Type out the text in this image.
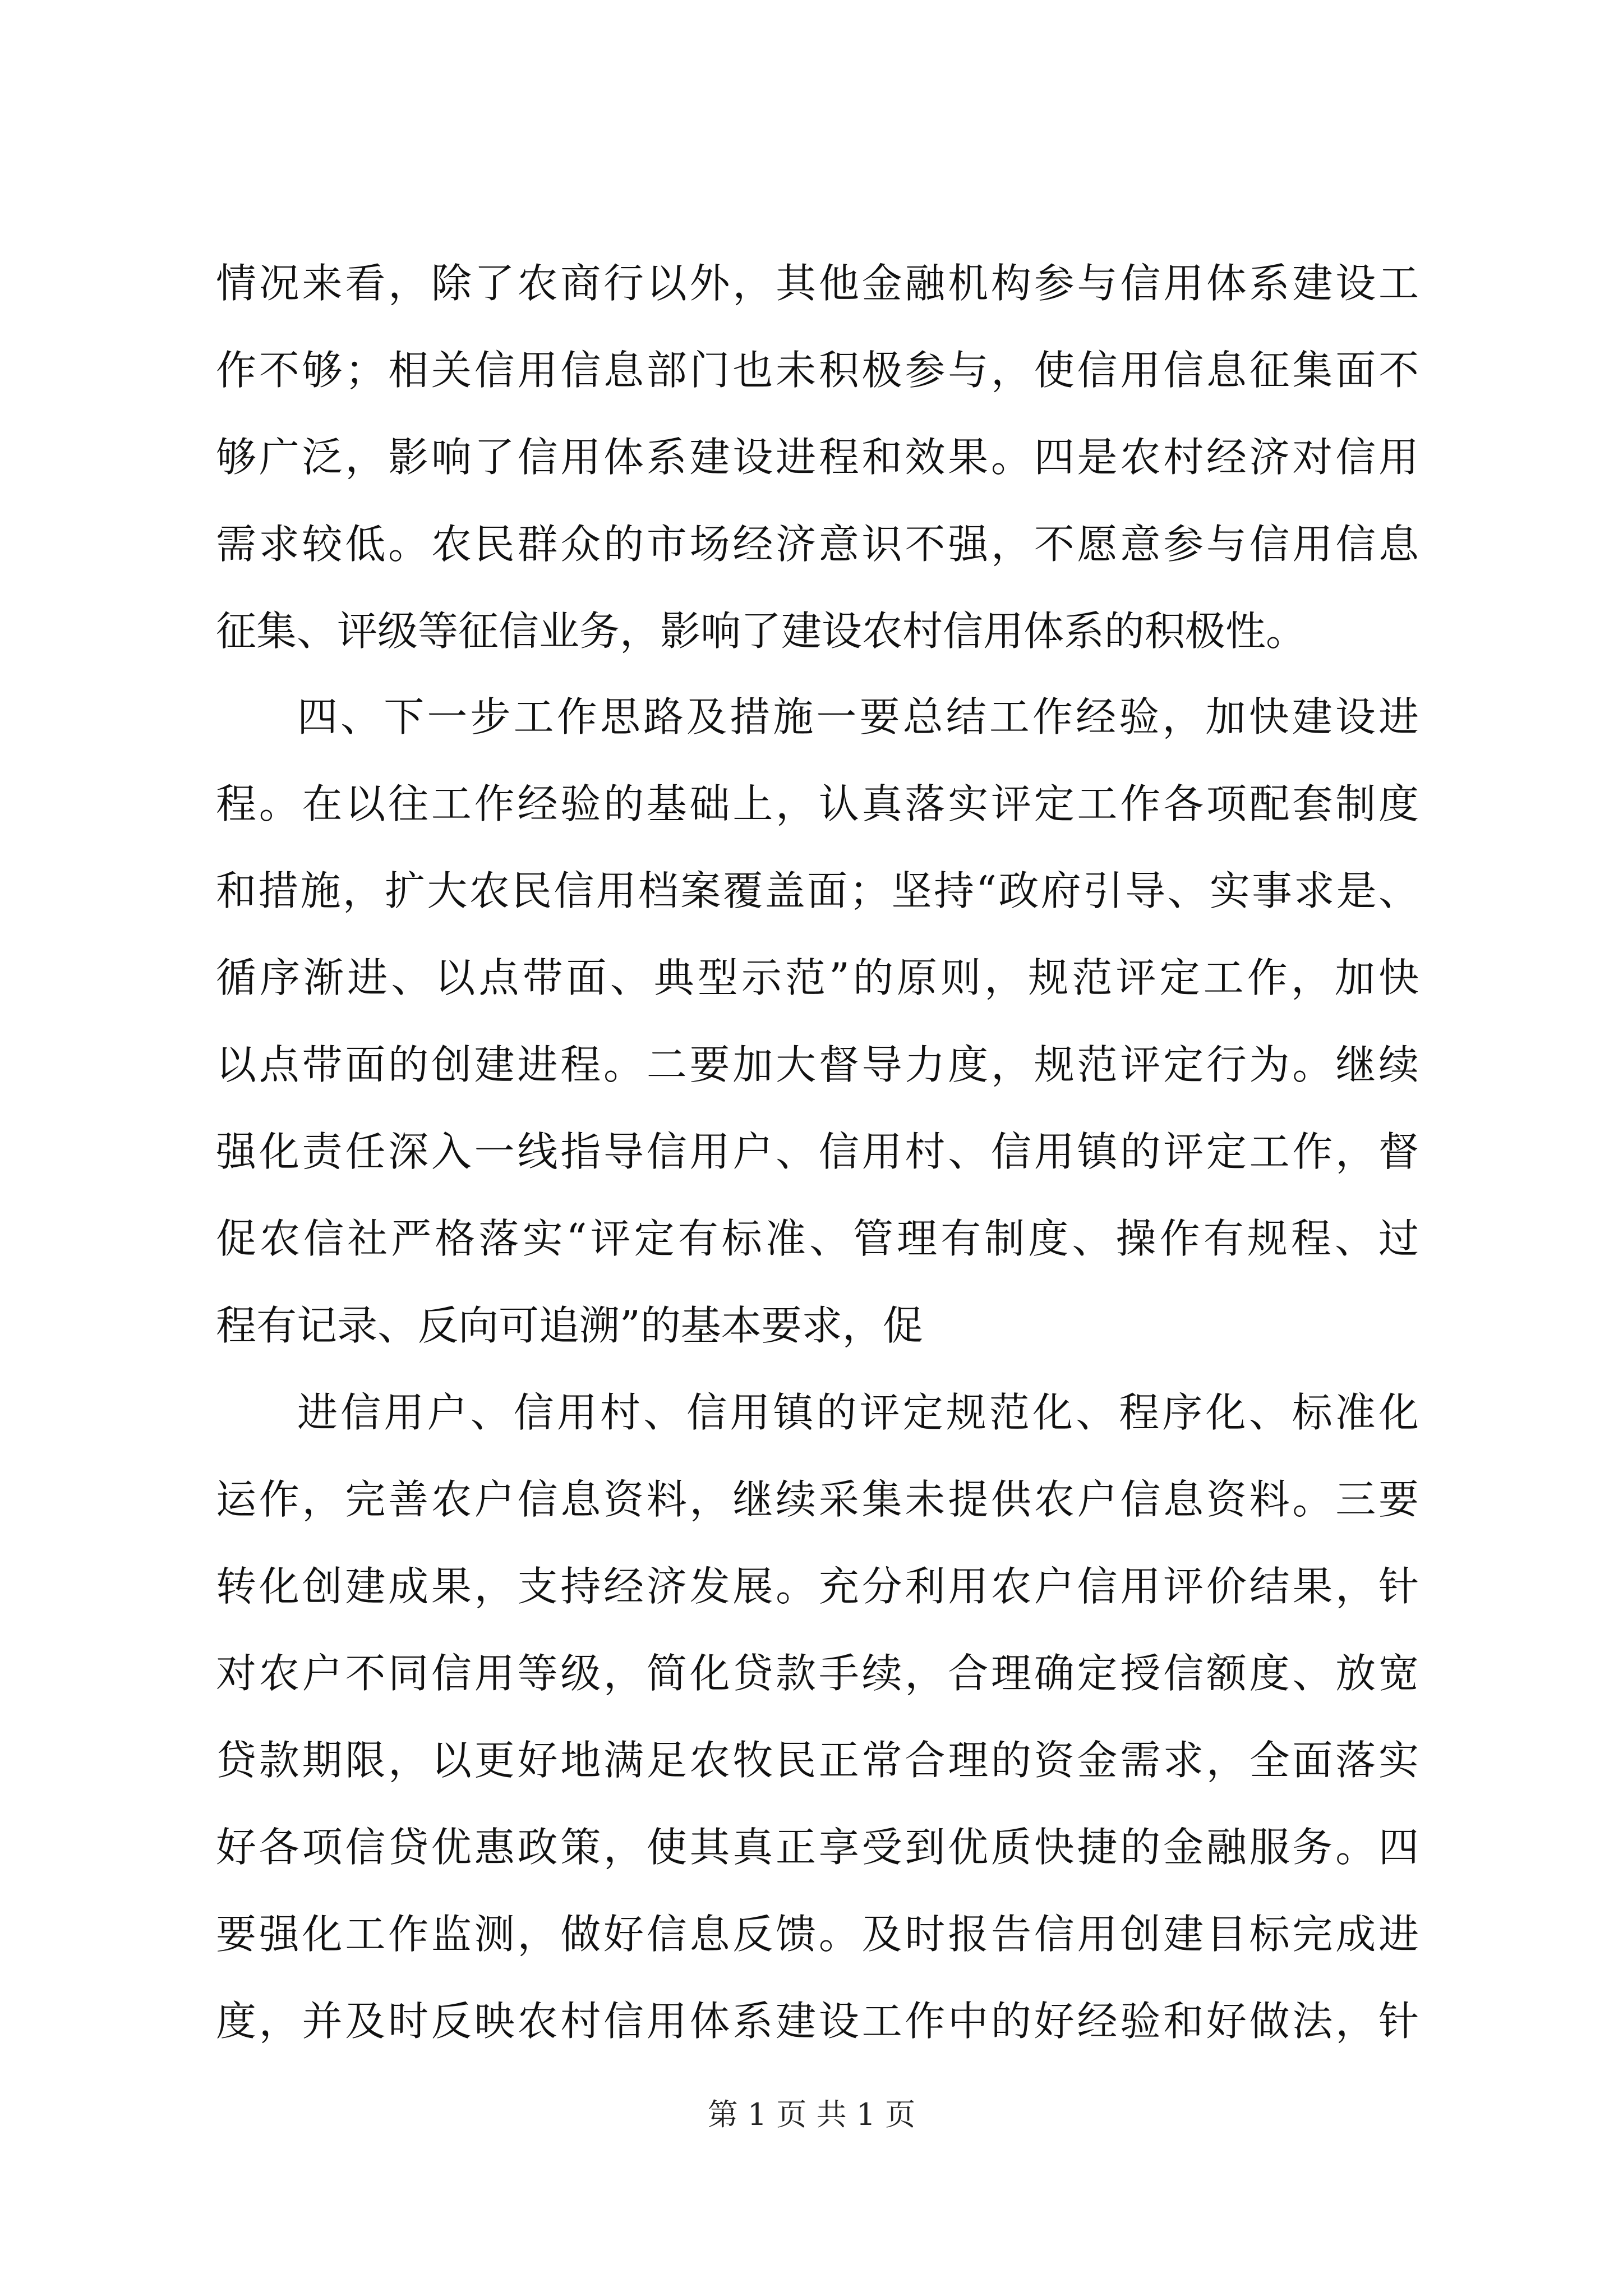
情况来看，除了农商行以外，其他金融机构参与信用体系建设工
作不够；相关信用信息部门也未积极参与，使信用信息征集面不
够广泛，影响了信用体系建设进程和效果。四是农村经济对信用
需求较低。农民群众的市场经济意识不强，不愿意参与信用信息
征集、评级等征信业务，影响了建设农村信用体系的积极性。
四、下一步工作思路及措施一要总结工作经验，加快建设进
程。在以往工作经验的基础上，认真落实评定工作各项配套制度
和措施，扩大农民信用档案覆盖面；坚持“政府引导、实事求是、
循序渐进、以点带面、典型示范”的原则，规范评定工作，加快
以点带面的创建进程。二要加大督导力度，规范评定行为。继续
强化责任深入一线指导信用户、信用村、信用镇的评定工作，督
促农信社严格落实“评定有标准、管理有制度、操作有规程、过
程有记录、反向可追溯”的基本要求，促
进信用户、信用村、信用镇的评定规范化、程序化、标准化
运作，完善农户信息资料，继续采集未提供农户信息资料。三要
转化创建成果，支持经济发展。充分利用农户信用评价结果，针
对农户不同信用等级，简化贷款手续，合理确定授信额度、放宽
贷款期限，以更好地满足农牧民正常合理的资金需求，全面落实
好各项信贷优惠政策，使其真正享受到优质快捷的金融服务。四
要强化工作监测，做好信息反馈。及时报告信用创建目标完成进
度，并及时反映农村信用体系建设工作中的好经验和好做法，针
第 1 页 共 1 页
